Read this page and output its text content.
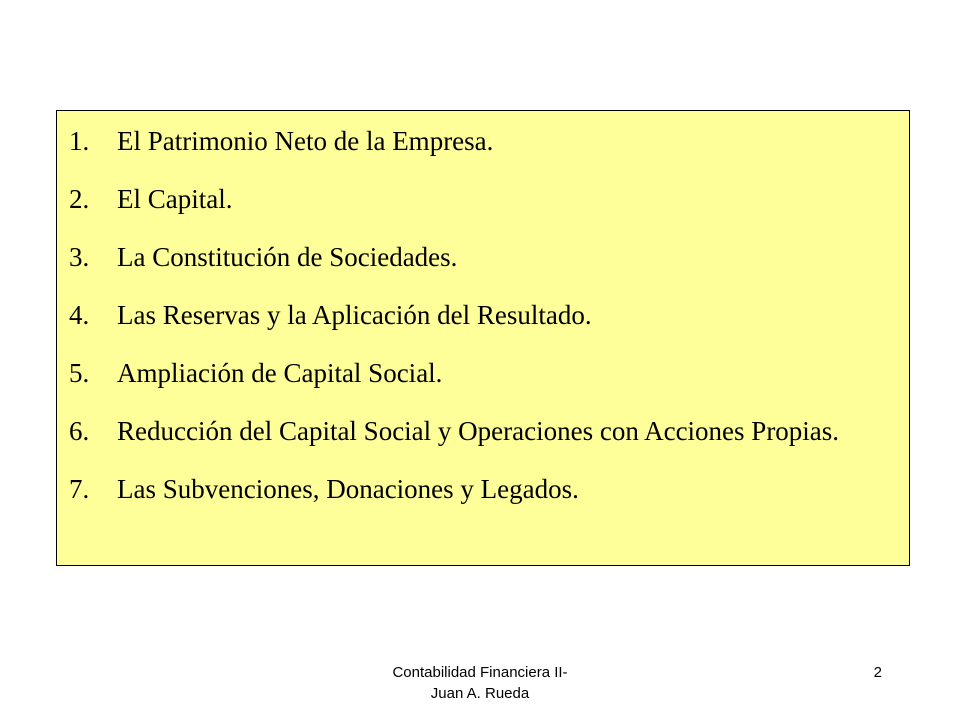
1. El Patrimonio Neto de la Empresa.
2. El Capital.
3. La Constitución de Sociedades.
4. Las Reservas y la Aplicación del Resultado.
5. Ampliación de Capital Social.
6. Reducción del Capital Social y Operaciones con Acciones Propias.
7. Las Subvenciones, Donaciones y Legados.
Contabilidad Financiera II-
Juan A. Rueda
2
